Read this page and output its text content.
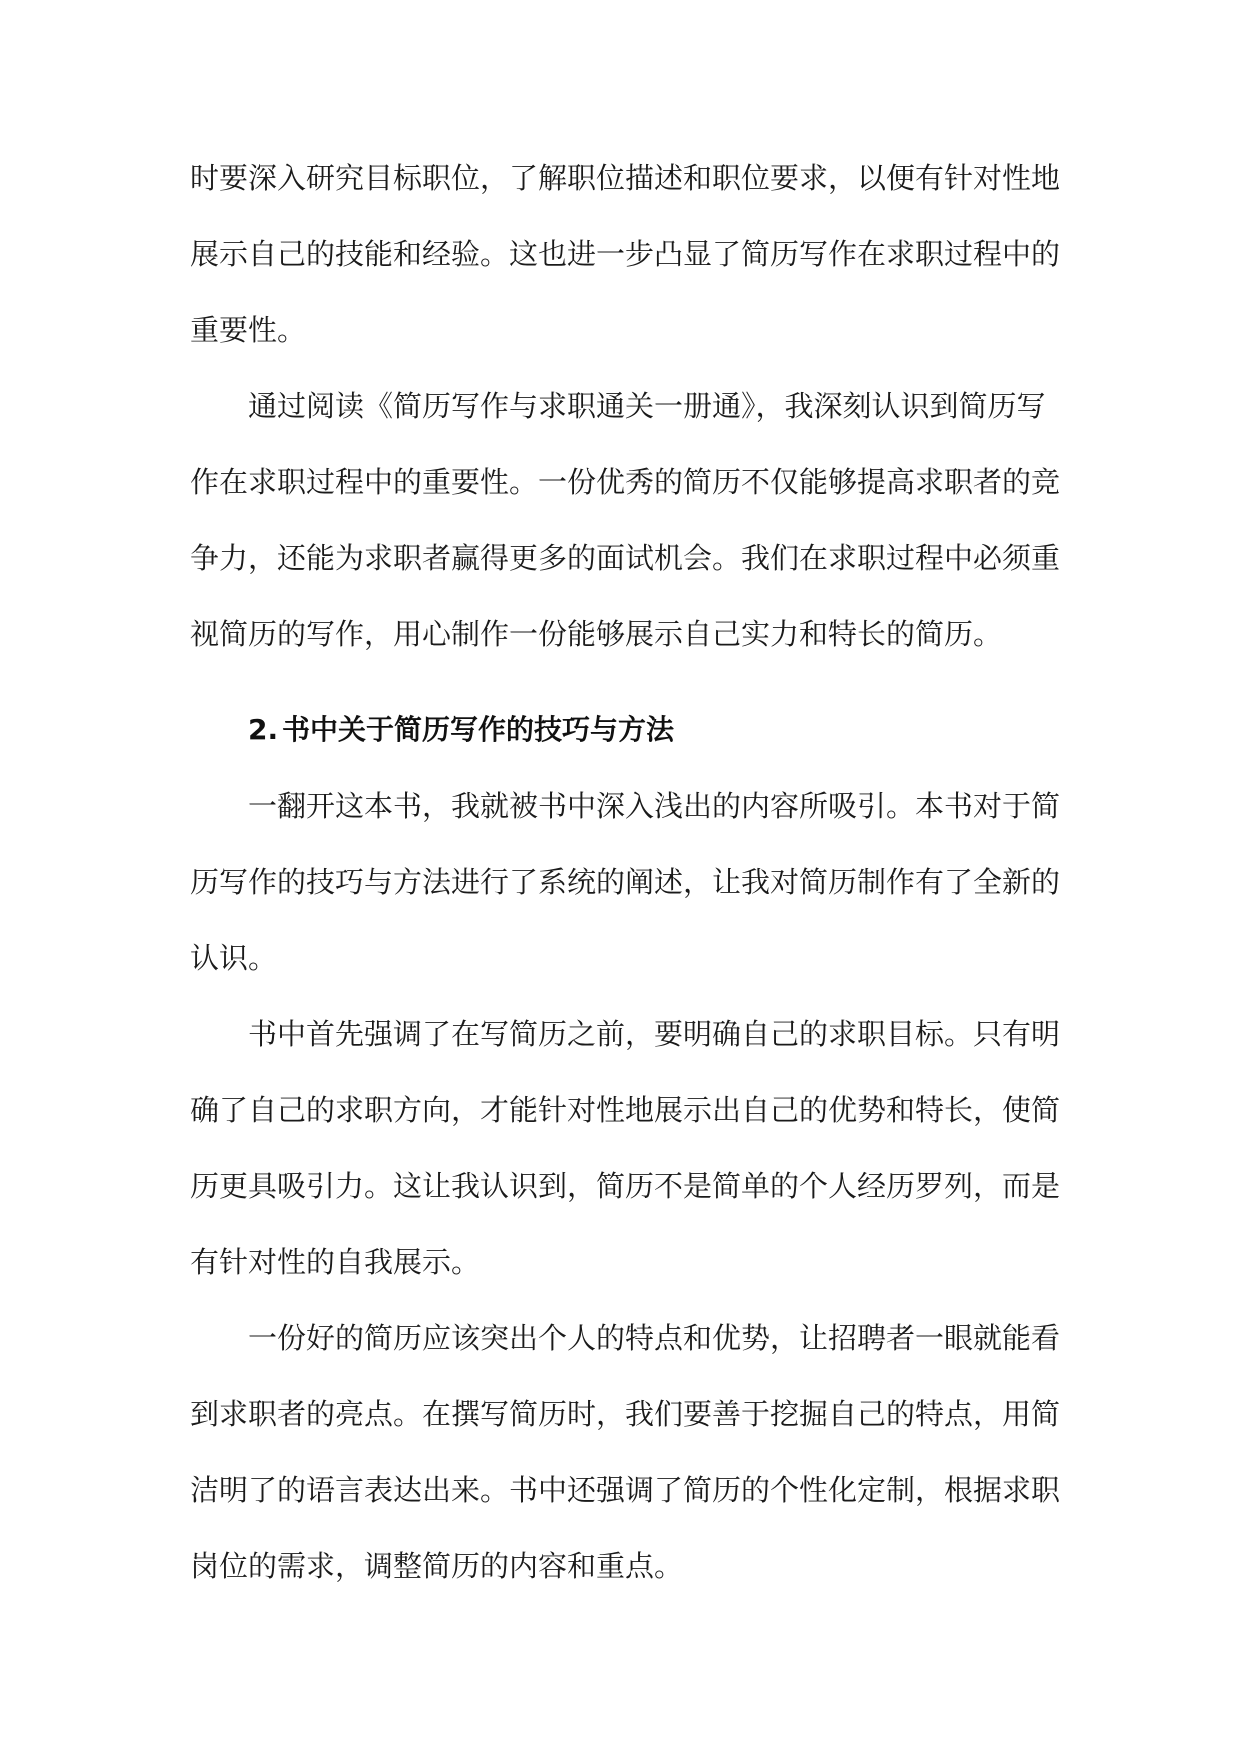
时要深入研究目标职位，了解职位描述和职位要求，以便有针对性地
展示自己的技能和经验。这也进一步凸显了简历写作在求职过程中的
重要性。
通过阅读《简历写作与求职通关一册通》，我深刻认识到简历写
作在求职过程中的重要性。一份优秀的简历不仅能够提高求职者的竞
争力，还能为求职者赢得更多的面试机会。我们在求职过程中必须重
视简历的写作，用心制作一份能够展示自己实力和特长的简历。
2. 书中关于简历写作的技巧与方法
一翻开这本书，我就被书中深入浅出的内容所吸引。本书对于简
历写作的技巧与方法进行了系统的阐述，让我对简历制作有了全新的
认识。
书中首先强调了在写简历之前，要明确自己的求职目标。只有明
确了自己的求职方向，才能针对性地展示出自己的优势和特长，使简
历更具吸引力。这让我认识到，简历不是简单的个人经历罗列，而是
有针对性的自我展示。
一份好的简历应该突出个人的特点和优势，让招聘者一眼就能看
到求职者的亮点。在撰写简历时，我们要善于挖掘自己的特点，用简
洁明了的语言表达出来。书中还强调了简历的个性化定制，根据求职
岗位的需求，调整简历的内容和重点。
